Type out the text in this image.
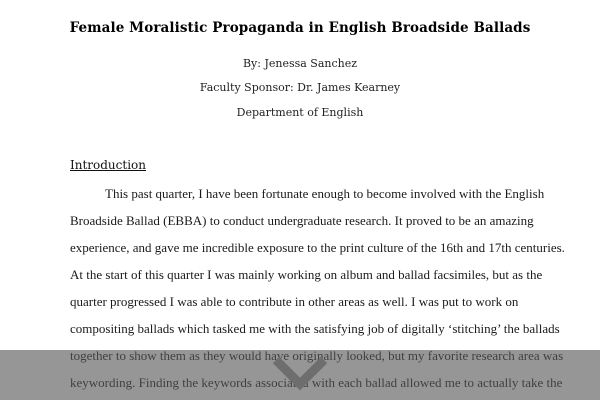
Female Moralistic Propaganda in English Broadside Ballads
By: Jenessa Sanchez
Faculty Sponsor: Dr. James Kearney
Department of English
Introduction
This past quarter, I have been fortunate enough to become involved with the English
Broadside Ballad (EBBA) to conduct undergraduate research. It proved to be an amazing
experience, and gave me incredible exposure to the print culture of the 16th and 17th centuries.
At the start of this quarter I was mainly working on album and ballad facsimiles, but as the
quarter progressed I was able to contribute in other areas as well. I was put to work on
compositing ballads which tasked me with the satisfying job of digitally ‘stitching’ the ballads
